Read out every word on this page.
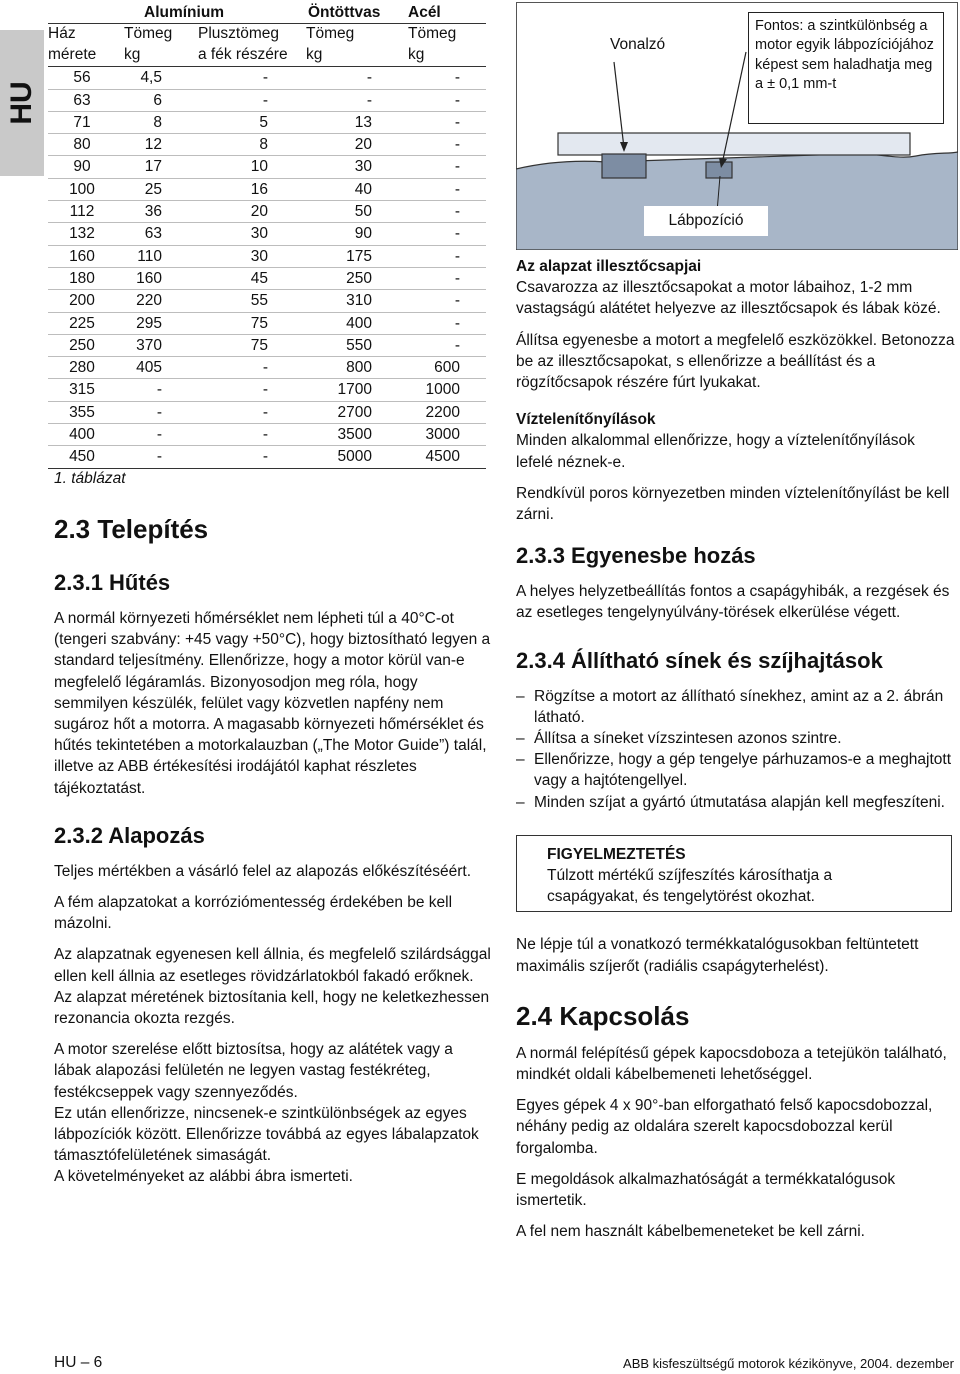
HU
	Alumínium		Öntöttvas	Acél
Ház	Tömeg	Plusztömeg	Tömeg	Tömeg
mérete	kg	a fék részére	kg	kg
56	4,5	-	-	-
63	6	-	-	-
71	8	5	13	-
80	12	8	20	-
90	17	10	30	-
100	25	16	40	-
112	36	20	50	-
132	63	30	90	-
160	110	30	175	-
180	160	45	250	-
200	220	55	310	-
225	295	75	400	-
250	370	75	550	-
280	405	-	800	600
315	-	-	1700	1000
355	-	-	2700	2200
400	-	-	3500	3000
450	-	-	5000	4500
1. táblázat
Vonalzó
Fontos: a szintkülönbség a motor egyik lábpozíciójához képest sem haladhatja meg a ± 0,1 mm-t
Lábpozíció
2.3 Telepítés
2.3.1 Hűtés

A normál környezeti hőmérséklet nem lépheti túl a 40°C-ot (tengeri szabvány: +45 vagy +50°C), hogy biztosítható legyen a standard teljesítmény. Ellenőrizze, hogy a motor körül van-e megfelelő légáramlás. Bizonyosodjon meg róla, hogy semmilyen készülék, felület vagy közvetlen napfény nem sugároz hőt a motorra. A magasabb környezeti hőmérséklet és hűtés tekintetében a motorkalauzban („The Motor Guide”) talál, illetve az ABB értékesítési irodájától kaphat részletes tájékoztatást.

2.3.2 Alapozás

Teljes mértékben a vásárló felel az alapozás előkészítéséért.

A fém alapzatokat a korróziómentesség érdekében be kell mázolni.

Az alapzatnak egyenesen kell állnia, és megfelelő szilárdsággal ellen kell állnia az esetleges rövidzárlatokból fakadó erőknek. Az alapzat méretének biztosítania kell, hogy ne keletkezhessen rezonancia okozta rezgés.

A motor szerelése előtt biztosítsa, hogy az alátétek vagy a lábak alapozási felületén ne legyen vastag festékréteg, festékcseppek vagy szennyeződés.

Ez után ellenőrizze, nincsenek-e szintkülönbségek az egyes lábpozíciók között. Ellenőrizze továbbá az egyes lábalapzatok támasztófelületének simaságát.

A követelményeket az alábbi ábra ismerteti.

Az alapzat illesztőcsapjai

Csavarozza az illesztőcsapokat a motor lábaihoz, 1-2 mm vastagságú alátétet helyezve az illesztőcsapok és lábak közé.

Állítsa egyenesbe a motort a megfelelő eszközökkel. Betonozza be az illesztőcsapokat, s ellenőrizze a beállítást és a rögzítőcsapok részére fúrt lyukakat.

Víztelenítőnyílások

Minden alkalommal ellenőrizze, hogy a víztelenítőnyílások lefelé néznek-e.

Rendkívül poros környezetben minden víztelenítőnyílást be kell zárni.

2.3.3 Egyenesbe hozás

A helyes helyzetbeállítás fontos a csapágyhibák, a rezgések és az esetleges tengelynyúlvány-törések elkerülése végett.

2.3.4 Állítható sínek és szíjhajtások
– Rögzítse a motort az állítható sínekhez, amint az a 2. ábrán látható.
– Állítsa a síneket vízszintesen azonos szintre.
– Ellenőrizze, hogy a gép tengelye párhuzamos-e a meghajtott vagy a hajtótengellyel.
– Minden szíjat a gyártó útmutatása alapján kell megfeszíteni.

FIGYELMEZTETÉS

Túlzott mértékű szíjfeszítés károsíthatja a csapágyakat, és tengelytörést okozhat.

Ne lépje túl a vonatkozó termékkatalógusokban feltüntetett maximális szíjerőt (radiális csapágyterhelést).

2.4 Kapcsolás

A normál felépítésű gépek kapocsdoboza a tetejükön található, mindkét oldali kábelbemeneti lehetőséggel.

Egyes gépek 4 x 90°-ban elforgatható felső kapocsdobozzal, néhány pedig az oldalára szerelt kapocsdobozzal kerül forgalomba.

E megoldások alkalmazhatóságát a termékkatalógusok ismertetik.

A fel nem használt kábelbemeneteket be kell zárni.

HU – 6	ABB kisfeszültségű motorok kézikönyve, 2004. dezember
